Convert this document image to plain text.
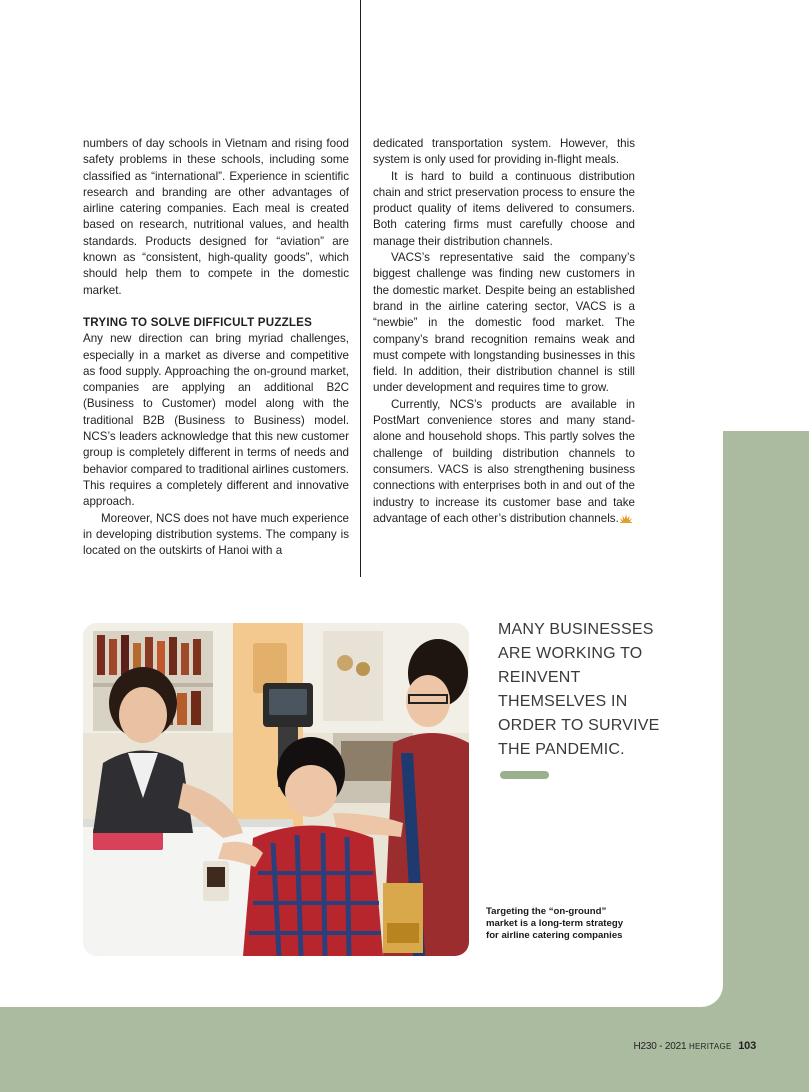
numbers of day schools in Vietnam and rising food safety problems in these schools, including some classified as “international”. Experience in scientific research and branding are other advantages of airline catering companies. Each meal is created based on research, nutritional values, and health standards. Products designed for “aviation” are known as “consistent, high-quality goods”, which should help them to compete in the domestic market.

TRYING TO SOLVE DIFFICULT PUZZLES

Any new direction can bring myriad challenges, especially in a market as diverse and competitive as food supply. Approaching the on-ground market, companies are applying an additional B2C (Business to Customer) model along with the traditional B2B (Business to Business) model. NCS’s leaders acknowledge that this new customer group is completely different in terms of needs and behavior compared to traditional airlines customers. This requires a completely different and innovative approach.

Moreover, NCS does not have much experience in developing distribution systems. The company is located on the outskirts of Hanoi with a

dedicated transportation system. However, this system is only used for providing in-flight meals.

It is hard to build a continuous distribution chain and strict preservation process to ensure the product quality of items delivered to consumers. Both catering firms must carefully choose and manage their distribution channels.

VACS’s representative said the company’s biggest challenge was finding new customers in the domestic market. Despite being an established brand in the airline catering sector, VACS is a “newbie” in the domestic food market. The company’s brand recognition remains weak and must compete with longstanding businesses in this field. In addition, their distribution channel is still under development and requires time to grow.

Currently, NCS’s products are available in PostMart convenience stores and many stand-alone and household shops. This partly solves the challenge of building distribution channels to consumers. VACS is also strengthening business connections with enterprises both in and out of the industry to increase its customer base and take advantage of each other’s distribution channels.

MANY BUSINESSES ARE WORKING TO REINVENT THEMSELVES IN ORDER TO SURVIVE THE PANDEMIC.
Targeting the “on-ground” market is a long-term strategy for airline catering companies
H230 - 2021 HERITAGE 103
